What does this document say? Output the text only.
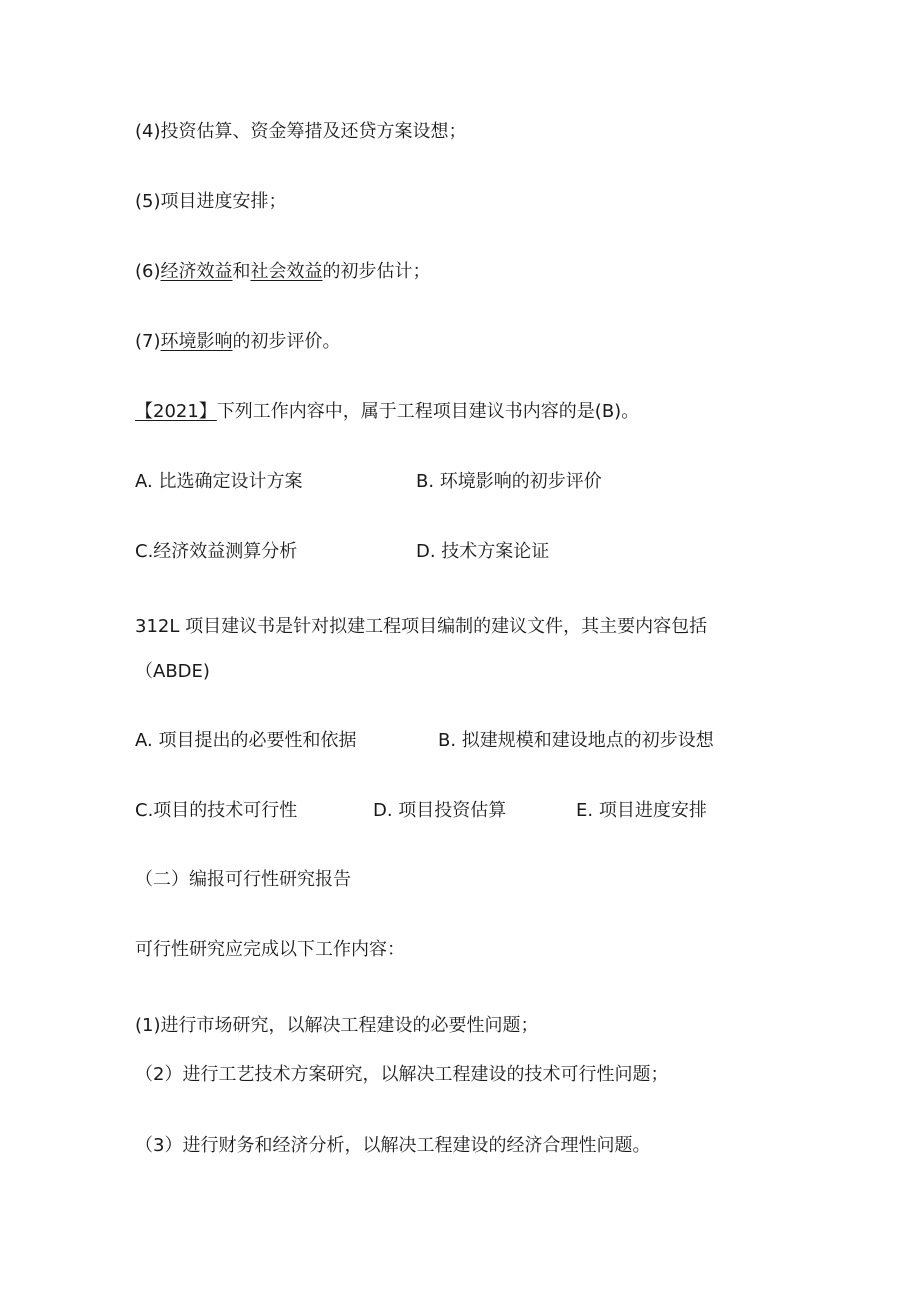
(4)投资估算、资金筹措及还贷方案设想；
(5)项目进度安排；
(6)经济效益和社会效益的初步估计；
(7)环境影响的初步评价。
【2021】下列工作内容中，属于工程项目建议书内容的是(B)。
A. 比选确定设计方案	B. 环境影响的初步评价
C.经济效益测算分析	D. 技术方案论证
312L 项目建议书是针对拟建工程项目编制的建议文件，其主要内容包括
（ABDE)
A. 项目提出的必要性和依据	B. 拟建规模和建设地点的初步设想
C.项目的技术可行性	D. 项目投资估算	E. 项目进度安排
（二）编报可行性研究报告
可行性研究应完成以下工作内容：
(1)进行市场研究，以解决工程建设的必要性问题；
（2）进行工艺技术方案研究，以解决工程建设的技术可行性问题；
（3）进行财务和经济分析，以解决工程建设的经济合理性问题。
